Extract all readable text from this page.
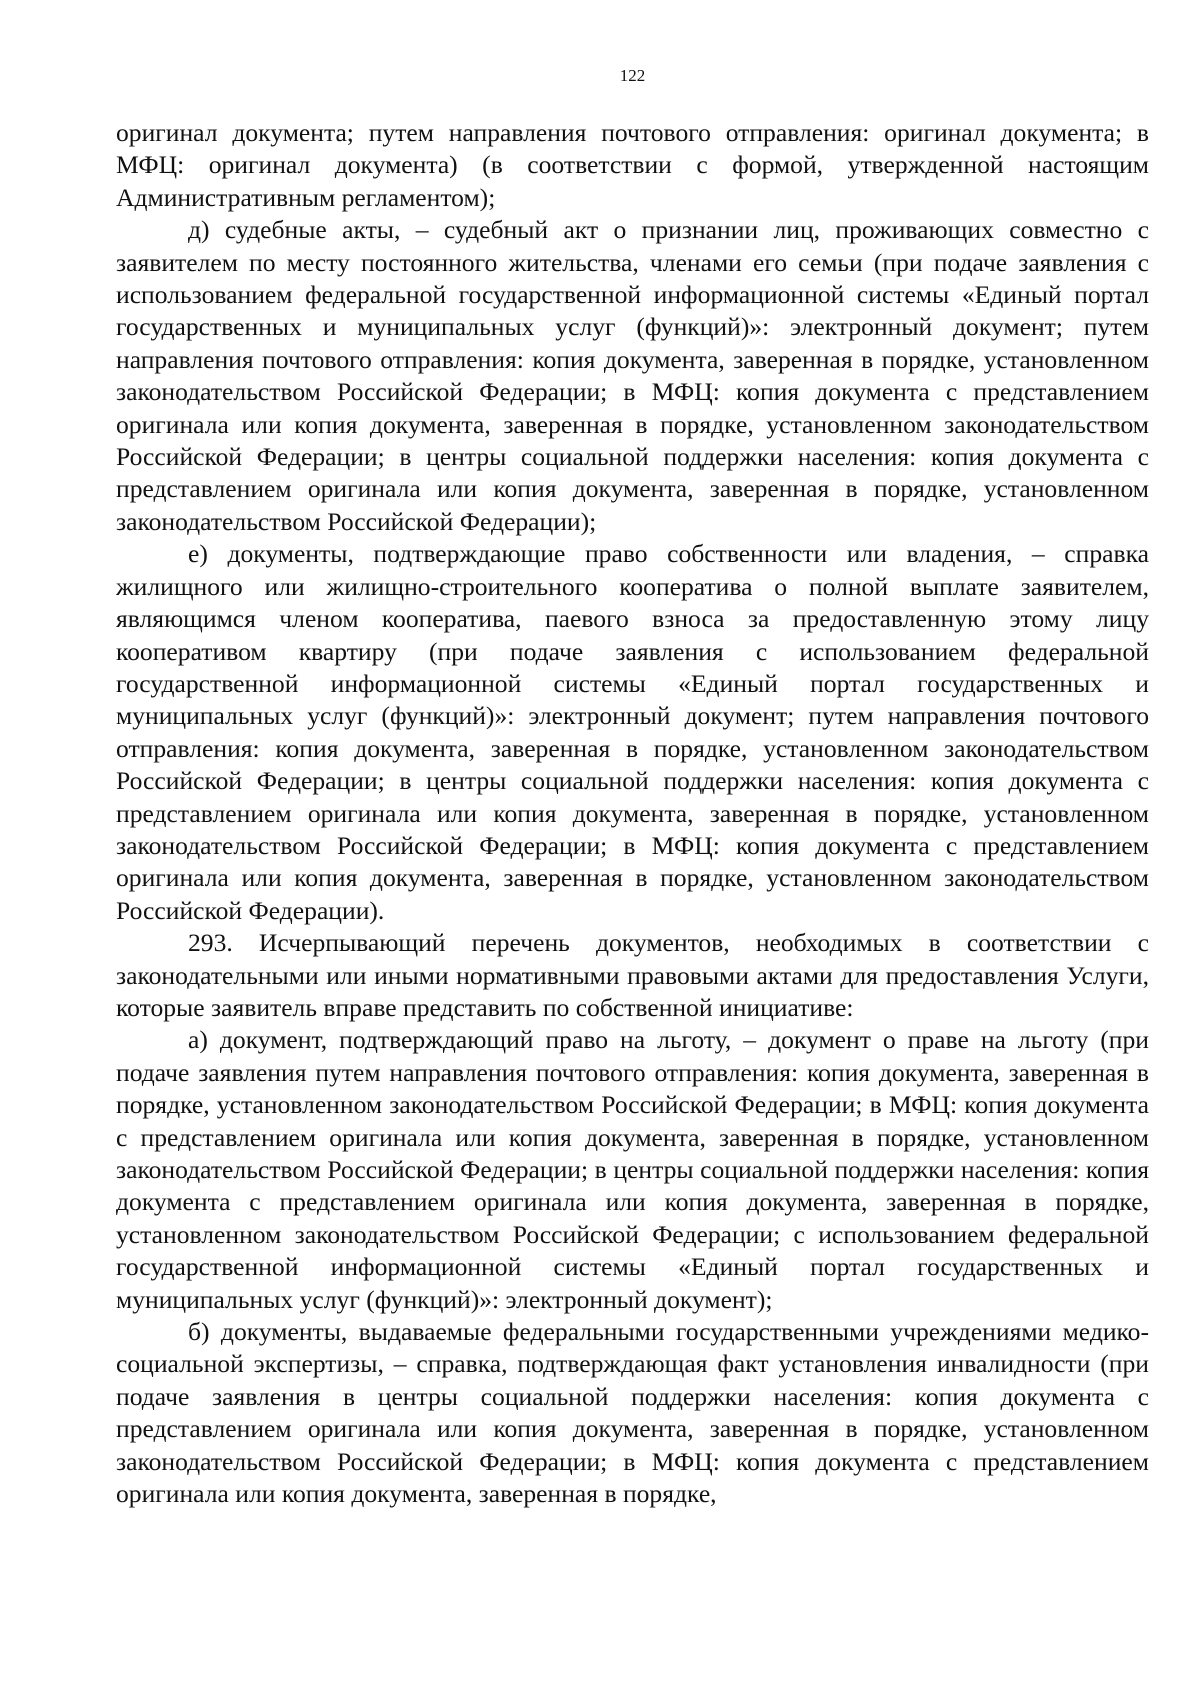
122

оригинал документа; путем направления почтового отправления: оригинал документа; в МФЦ: оригинал документа) (в соответствии с формой, утвержденной настоящим Административным регламентом);

д) судебные акты, – судебный акт о признании лиц, проживающих совместно с заявителем по месту постоянного жительства, членами его семьи (при подаче заявления с использованием федеральной государственной информационной системы «Единый портал государственных и муниципальных услуг (функций)»: электронный документ; путем направления почтового отправления: копия документа, заверенная в порядке, установленном законодательством Российской Федерации; в МФЦ: копия документа с представлением оригинала или копия документа, заверенная в порядке, установленном законодательством Российской Федерации; в центры социальной поддержки населения: копия документа с представлением оригинала или копия документа, заверенная в порядке, установленном законодательством Российской Федерации);

е) документы, подтверждающие право собственности или владения, – справка жилищного или жилищно-строительного кооператива о полной выплате заявителем, являющимся членом кооператива, паевого взноса за предоставленную этому лицу кооперативом квартиру (при подаче заявления с использованием федеральной государственной информационной системы «Единый портал государственных и муниципальных услуг (функций)»: электронный документ; путем направления почтового отправления: копия документа, заверенная в порядке, установленном законодательством Российской Федерации; в центры социальной поддержки населения: копия документа с представлением оригинала или копия документа, заверенная в порядке, установленном законодательством Российской Федерации; в МФЦ: копия документа с представлением оригинала или копия документа, заверенная в порядке, установленном законодательством Российской Федерации).

293. Исчерпывающий перечень документов, необходимых в соответствии с законодательными или иными нормативными правовыми актами для предоставления Услуги, которые заявитель вправе представить по собственной инициативе:

а) документ, подтверждающий право на льготу, – документ о праве на льготу (при подаче заявления путем направления почтового отправления: копия документа, заверенная в порядке, установленном законодательством Российской Федерации; в МФЦ: копия документа с представлением оригинала или копия документа, заверенная в порядке, установленном законодательством Российской Федерации; в центры социальной поддержки населения: копия документа с представлением оригинала или копия документа, заверенная в порядке, установленном законодательством Российской Федерации; с использованием федеральной государственной информационной системы «Единый портал государственных и муниципальных услуг (функций)»: электронный документ);

б) документы, выдаваемые федеральными государственными учреждениями медико-социальной экспертизы, – справка, подтверждающая факт установления инвалидности (при подаче заявления в центры социальной поддержки населения: копия документа с представлением оригинала или копия документа, заверенная в порядке, установленном законодательством Российской Федерации; в МФЦ: копия документа с представлением оригинала или копия документа, заверенная в порядке,
